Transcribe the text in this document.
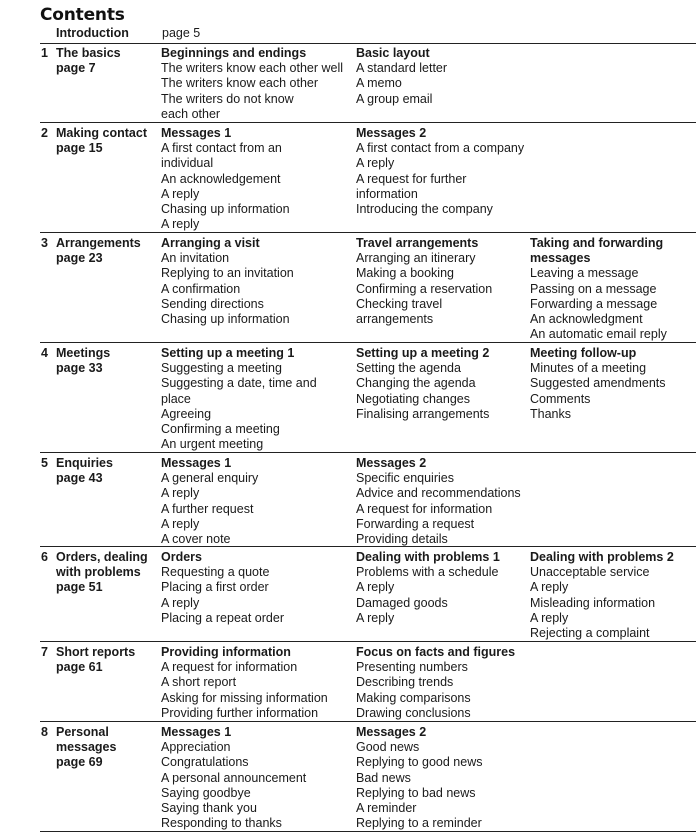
Contents
Introduction	page 5
1 The basics
page 7
Beginnings and endings
The writers know each other well
The writers know each other
The writers do not know
each other
Basic layout
A standard letter
A memo
A group email
2 Making contact
page 15
Messages 1
A first contact from an
individual
An acknowledgement
A reply
Chasing up information
A reply
Messages 2
A first contact from a company
A reply
A request for further information
Introducing the company
3 Arrangements
page 23
Arranging a visit
An invitation
Replying to an invitation
A confirmation
Sending directions
Chasing up information
Travel arrangements
Arranging an itinerary
Making a booking
Confirming a reservation
Checking travel
arrangements
Taking and forwarding messages
Leaving a message
Passing on a message
Forwarding a message
An acknowledgment
An automatic email reply
4 Meetings
page 33
Setting up a meeting 1
Suggesting a meeting
Suggesting a date, time and
place
Agreeing
Confirming a meeting
An urgent meeting
Setting up a meeting 2
Setting the agenda
Changing the agenda
Negotiating changes
Finalising arrangements
Meeting follow-up
Minutes of a meeting
Suggested amendments
Comments
Thanks
5 Enquiries
page 43
Messages 1
A general enquiry
A reply
A further request
A reply
A cover note
Messages 2
Specific enquiries
Advice and recommendations
A request for information
Forwarding a request
Providing details
6 Orders, dealing
with problems
page 51
Orders
Requesting a quote
Placing a first order
A reply
Placing a repeat order
Dealing with problems 1
Problems with a schedule
A reply
Damaged goods
A reply
Dealing with problems 2
Unacceptable service
A reply
Misleading information
A reply
Rejecting a complaint
7 Short reports
page 61
Providing information
A request for information
A short report
Asking for missing information
Providing further information
Focus on facts and figures
Presenting numbers
Describing trends
Making comparisons
Drawing conclusions
8 Personal
messages
page 69
Messages 1
Appreciation
Congratulations
A personal announcement
Saying goodbye
Saying thank you
Responding to thanks
Messages 2
Good news
Replying to good news
Bad news
Replying to bad news
A reminder
Replying to a reminder
